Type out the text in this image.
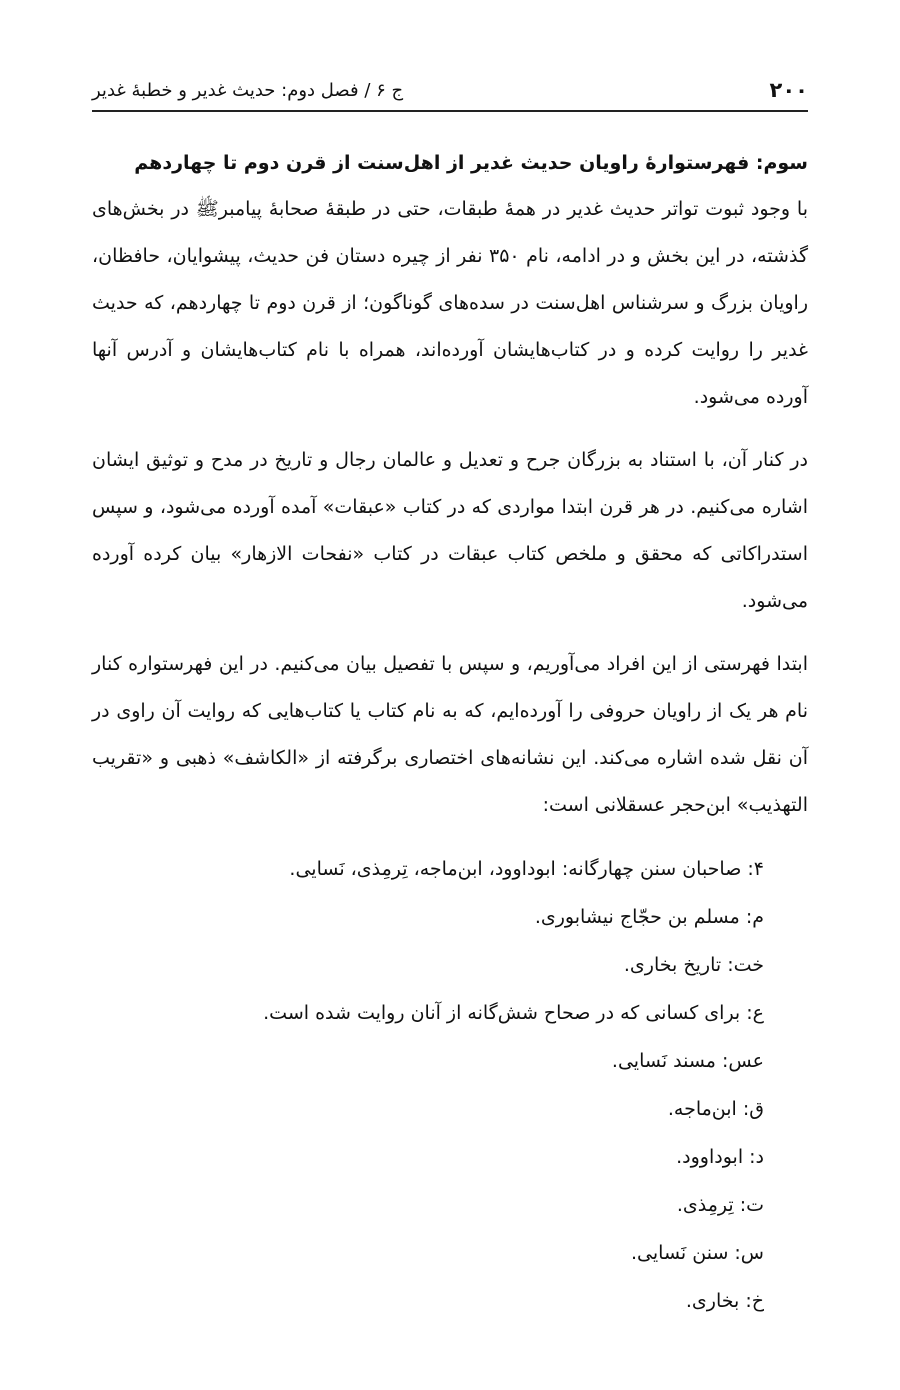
۲۰۰
ج ۶ / فصل دوم: حدیث غدیر و خطبهٔ غدیر
سوم: فهرستوارهٔ راویان حدیث غدیر از اهل‌سنت از قرن دوم تا چهاردهم

با وجود ثبوت تواتر حدیث غدیر در همهٔ طبقات، حتی در طبقهٔ صحابهٔ پیامبرﷺ در بخش‌های گذشته، در این بخش و در ادامه، نام ۳۵۰ نفر از چیره دستان فن حدیث، پیشوایان، حافظان، راویان بزرگ و سرشناس اهل‌سنت در سده‌های گوناگون؛ از قرن دوم تا چهاردهم، که حدیث غدیر را روایت کرده و در کتاب‌هایشان آورده‌اند، همراه با نام کتاب‌هایشان و آدرس آنها آورده می‌شود.

در کنار آن، با استناد به بزرگان جرح و تعدیل و عالمان رجال و تاریخ در مدح و توثیق ایشان اشاره می‌کنیم. در هر قرن ابتدا مواردی که در کتاب «عبقات» آمده آورده می‌شود، و سپس استدراکاتی که محقق و ملخص کتاب عبقات در کتاب «نفحات الازهار» بیان کرده آورده می‌شود.

ابتدا فهرستی از این افراد می‌آوریم، و سپس با تفصیل بیان می‌کنیم. در این فهرستواره کنار نام هر یک از راویان حروفی را آورده‌ایم، که به نام کتاب یا کتاب‌هایی که روایت آن راوی در آن نقل شده اشاره می‌کند. این نشانه‌های اختصاری برگرفته از «الکاشف» ذهبی و «تقریب التهذیب» ابن‌حجر عسقلانی است:

۴: صاحبان سنن چهارگانه: ابوداوود، ابن‌ماجه، تِرمِذی، نَسایی.
م: مسلم بن حجّاج نیشابوری.
خت: تاریخ بخاری.
ع: برای کسانی که در صحاح شش‌گانه از آنان روایت شده است.
عس: مسند نَسایی.
ق: ابن‌ماجه.
د: ابوداوود.
ت: تِرمِذی.
س: سنن نَسایی.
خ: بخاری.
